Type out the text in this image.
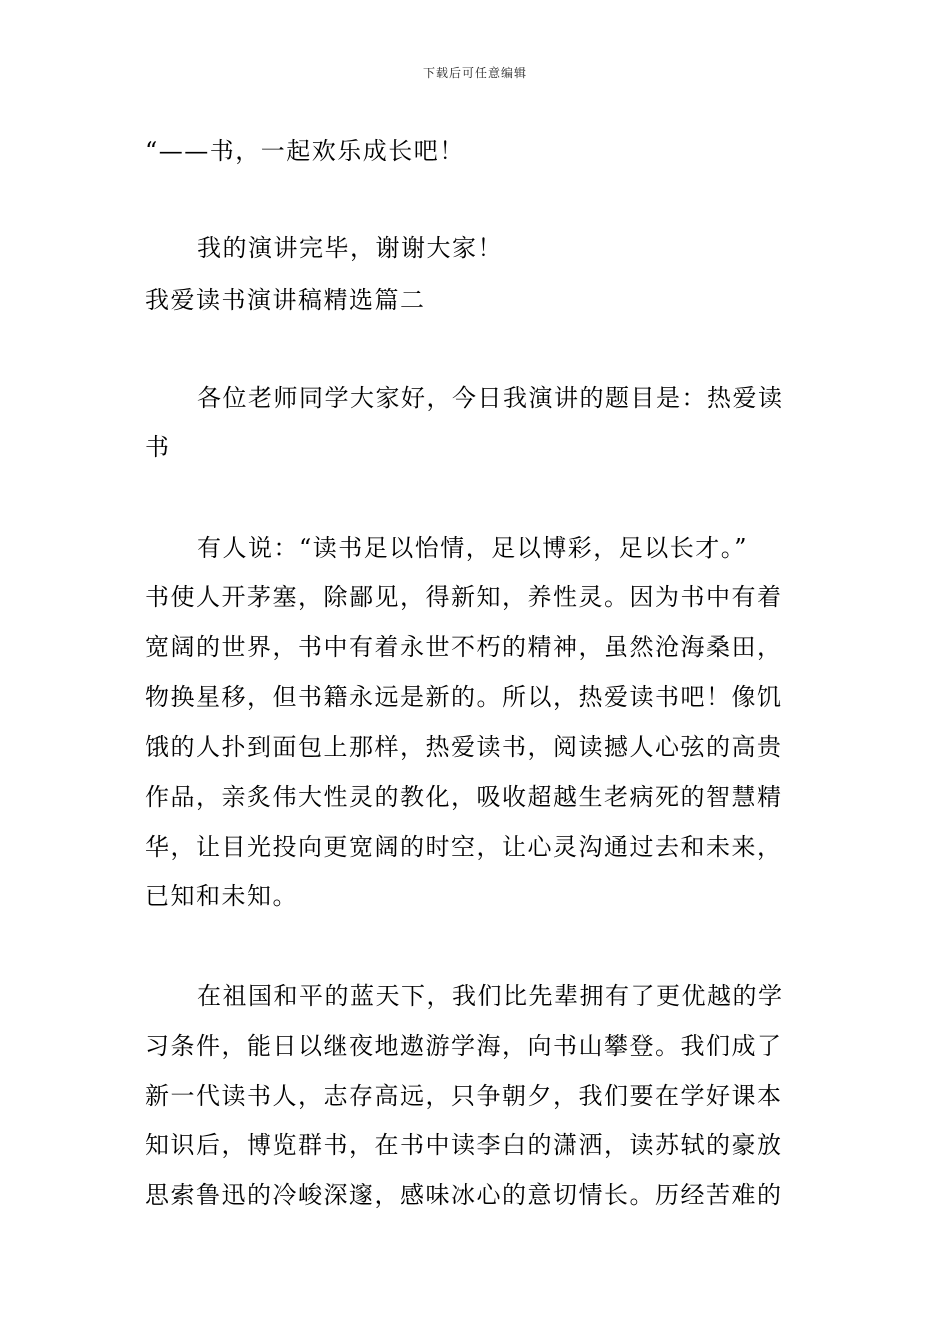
下载后可任意编辑
“——书，一起欢乐成长吧！
我的演讲完毕，谢谢大家！
我爱读书演讲稿精选篇二
各位老师同学大家好，今日我演讲的题目是：热爱读
书
有人说：“读书足以怡情，足以博彩，足以长才。”
书使人开茅塞，除鄙见，得新知，养性灵。因为书中有着
宽阔的世界，书中有着永世不朽的精神，虽然沧海桑田，
物换星移，但书籍永远是新的。所以，热爱读书吧！像饥
饿的人扑到面包上那样，热爱读书，阅读撼人心弦的高贵
作品，亲炙伟大性灵的教化，吸收超越生老病死的智慧精
华，让目光投向更宽阔的时空，让心灵沟通过去和未来，
已知和未知。
在祖国和平的蓝天下，我们比先辈拥有了更优越的学
习条件，能日以继夜地遨游学海，向书山攀登。我们成了
新一代读书人，志存高远，只争朝夕，我们要在学好课本
知识后，博览群书，在书中读李白的潇洒，读苏轼的豪放
思索鲁迅的冷峻深邃，感味冰心的意切情长。历经苦难的
